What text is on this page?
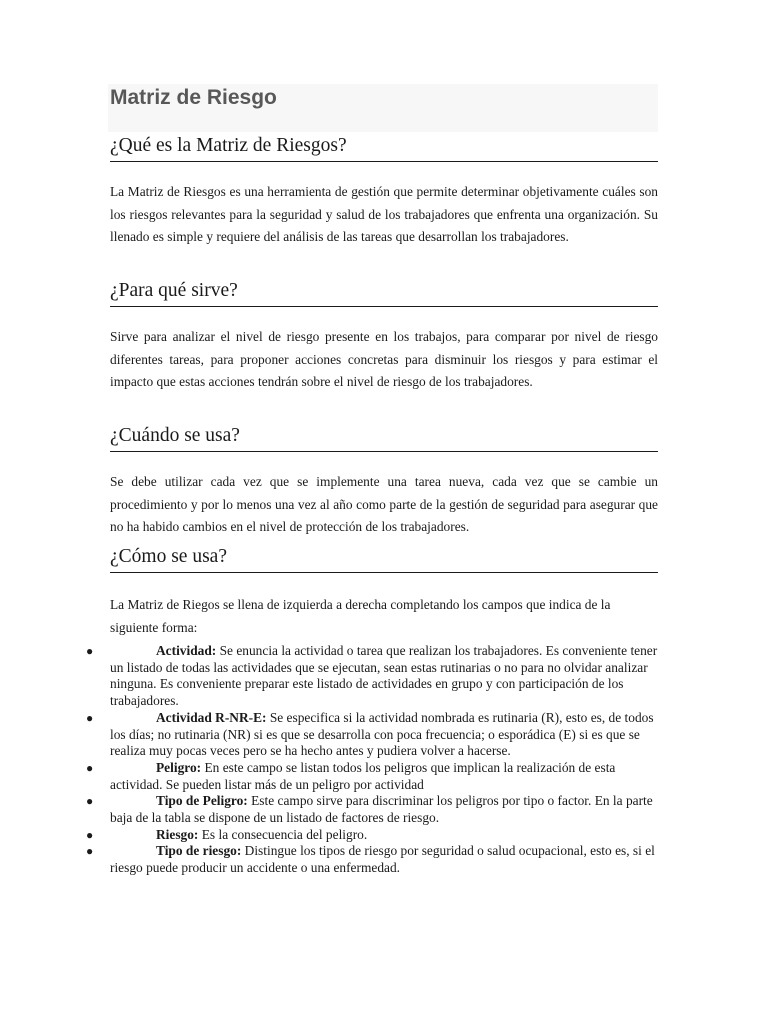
Matriz de Riesgo
¿Qué es la Matriz de Riesgos?

La Matriz de Riesgos es una herramienta de gestión que permite determinar objetivamente cuáles son los riesgos relevantes para la seguridad y salud de los trabajadores que enfrenta una organización. Su llenado es simple y requiere del análisis de las tareas que desarrollan los trabajadores.

¿Para qué sirve?

Sirve para analizar el nivel de riesgo presente en los trabajos, para comparar por nivel de riesgo diferentes tareas, para proponer acciones concretas para disminuir los riesgos y para estimar el impacto que estas acciones tendrán sobre el nivel de riesgo de los trabajadores.

¿Cuándo se usa?

Se debe utilizar cada vez que se implemente una tarea nueva, cada vez que se cambie un procedimiento y por lo menos una vez al año como parte de la gestión de seguridad para asegurar que no ha habido cambios en el nivel de protección de los trabajadores.

¿Cómo se usa?

La Matriz de Riegos se llena de izquierda a derecha completando los campos que indica de la siguiente forma:

●	Actividad: Se enuncia la actividad o tarea que realizan los trabajadores. Es conveniente tener un listado de todas las actividades que se ejecutan, sean estas rutinarias o no para no olvidar analizar ninguna. Es conveniente preparar este listado de actividades en grupo y con participación de los trabajadores.
●	Actividad R-NR-E: Se especifica si la actividad nombrada es rutinaria (R), esto es, de todos los días; no rutinaria (NR) si es que se desarrolla con poca frecuencia; o esporádica (E) si es que se realiza muy pocas veces pero se ha hecho antes y pudiera volver a hacerse.
●	Peligro: En este campo se listan todos los peligros que implican la realización de esta actividad. Se pueden listar más de un peligro por actividad
●	Tipo de Peligro: Este campo sirve para discriminar los peligros por tipo o factor. En la parte baja de la tabla se dispone de un listado de factores de riesgo.
●	Riesgo: Es la consecuencia del peligro.
●	Tipo de riesgo: Distingue los tipos de riesgo por seguridad o salud ocupacional, esto es, si el riesgo puede producir un accidente o una enfermedad.
